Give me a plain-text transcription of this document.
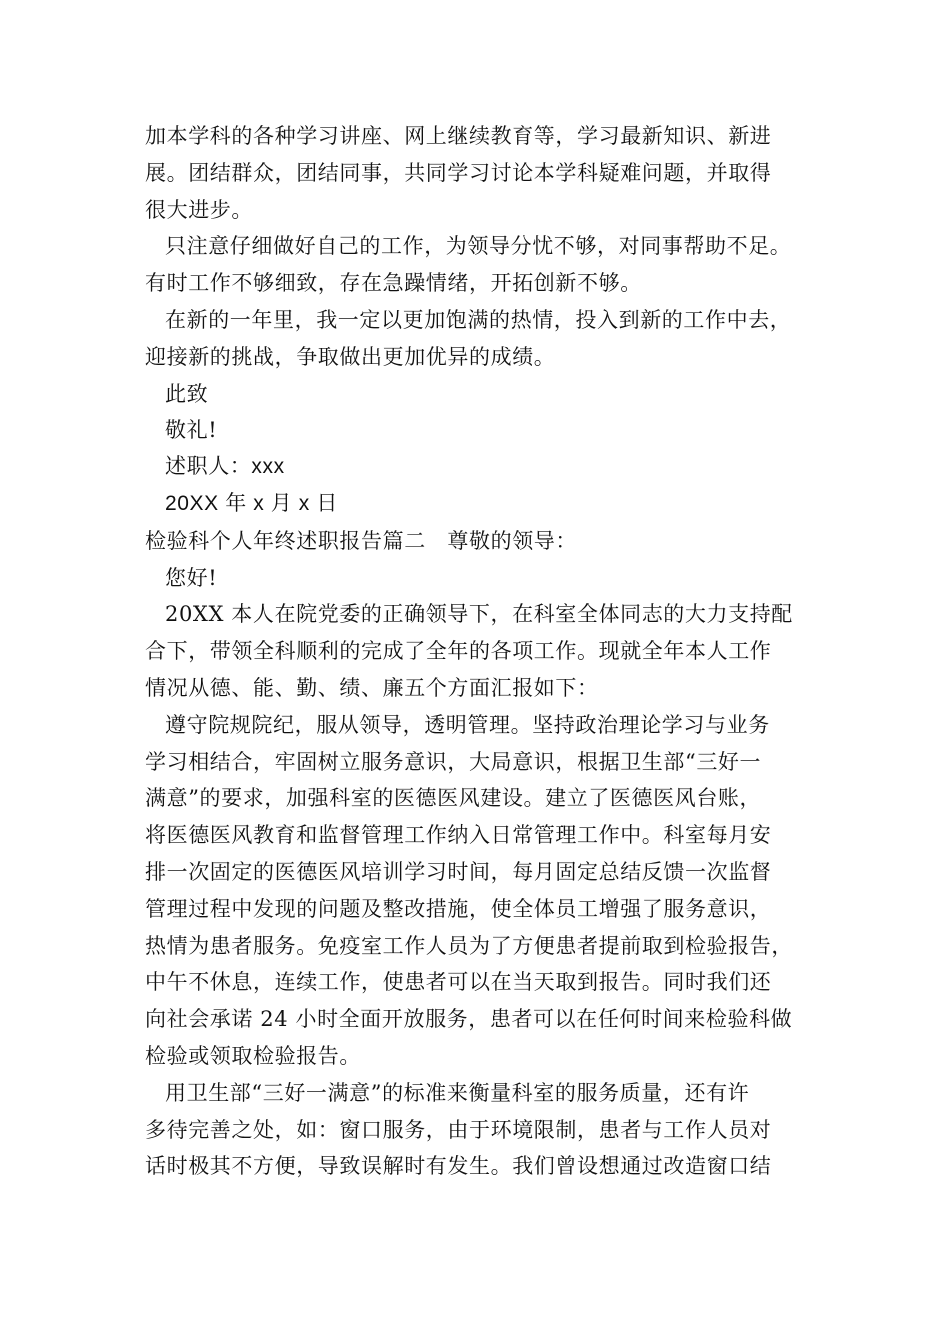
加本学科的各种学习讲座、网上继续教育等，学习最新知识、新进
展。团结群众，团结同事，共同学习讨论本学科疑难问题，并取得
很大进步。
只注意仔细做好自己的工作，为领导分忧不够，对同事帮助不足。
有时工作不够细致，存在急躁情绪，开拓创新不够。
在新的一年里，我一定以更加饱满的热情，投入到新的工作中去，
迎接新的挑战，争取做出更加优异的成绩。
此致
敬礼!
述职人：xxx
20XX 年 x 月 x 日
检验科个人年终述职报告篇二　尊敬的领导：
您好!
20XX 本人在院党委的正确领导下，在科室全体同志的大力支持配
合下，带领全科顺利的完成了全年的各项工作。现就全年本人工作
情况从德、能、勤、绩、廉五个方面汇报如下：
遵守院规院纪，服从领导，透明管理。坚持政治理论学习与业务
学习相结合，牢固树立服务意识，大局意识，根据卫生部“三好一
满意”的要求，加强科室的医德医风建设。建立了医德医风台账，
将医德医风教育和监督管理工作纳入日常管理工作中。科室每月安
排一次固定的医德医风培训学习时间，每月固定总结反馈一次监督
管理过程中发现的问题及整改措施，使全体员工增强了服务意识，
热情为患者服务。免疫室工作人员为了方便患者提前取到检验报告，
中午不休息，连续工作，使患者可以在当天取到报告。同时我们还
向社会承诺 24 小时全面开放服务，患者可以在任何时间来检验科做
检验或领取检验报告。
用卫生部“三好一满意”的标准来衡量科室的服务质量，还有许
多待完善之处，如：窗口服务，由于环境限制，患者与工作人员对
话时极其不方便，导致误解时有发生。我们曾设想通过改造窗口结
